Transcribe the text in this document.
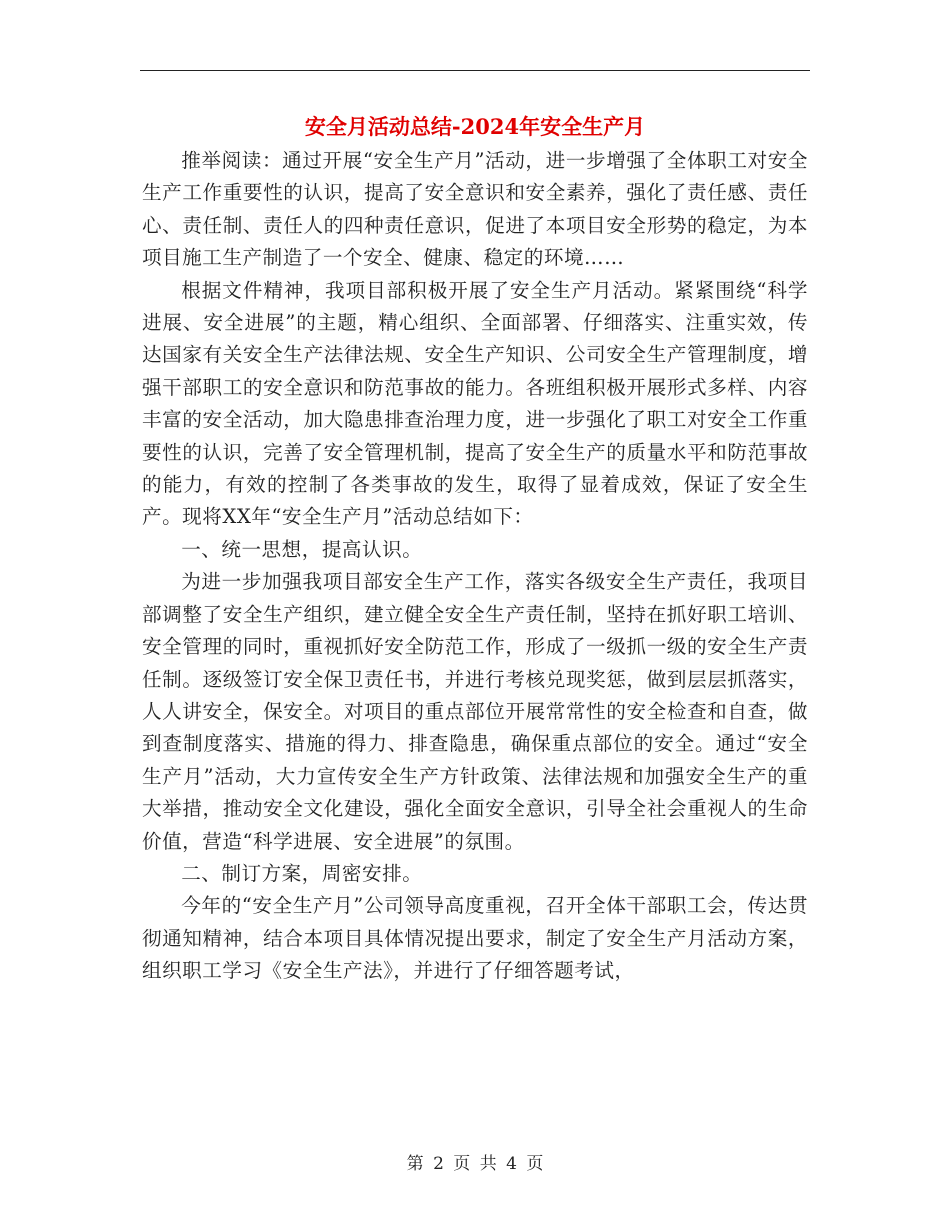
安全月活动总结-2024年安全生产月

推举阅读：通过开展“安全生产月”活动，进一步增强了全体职工对安全生产工作重要性的认识，提高了安全意识和安全素养，强化了责任感、责任心、责任制、责任人的四种责任意识，促进了本项目安全形势的稳定，为本项目施工生产制造了一个安全、健康、稳定的环境……

根据文件精神，我项目部积极开展了安全生产月活动。紧紧围绕“科学进展、安全进展”的主题，精心组织、全面部署、仔细落实、注重实效，传达国家有关安全生产法律法规、安全生产知识、公司安全生产管理制度，增强干部职工的安全意识和防范事故的能力。各班组积极开展形式多样、内容丰富的安全活动，加大隐患排查治理力度，进一步强化了职工对安全工作重要性的认识，完善了安全管理机制，提高了安全生产的质量水平和防范事故的能力，有效的控制了各类事故的发生，取得了显着成效，保证了安全生产。现将XX年“安全生产月”活动总结如下：

一、统一思想，提高认识。

为进一步加强我项目部安全生产工作，落实各级安全生产责任，我项目部调整了安全生产组织，建立健全安全生产责任制，坚持在抓好职工培训、安全管理的同时，重视抓好安全防范工作，形成了一级抓一级的安全生产责任制。逐级签订安全保卫责任书，并进行考核兑现奖惩，做到层层抓落实，人人讲安全，保安全。对项目的重点部位开展常常性的安全检查和自查，做到查制度落实、措施的得力、排查隐患，确保重点部位的安全。通过“安全生产月”活动，大力宣传安全生产方针政策、法律法规和加强安全生产的重大举措，推动安全文化建设，强化全面安全意识，引导全社会重视人的生命价值，营造“科学进展、安全进展”的氛围。

二、制订方案，周密安排。

今年的“安全生产月”公司领导高度重视，召开全体干部职工会，传达贯彻通知精神，结合本项目具体情况提出要求，制定了安全生产月活动方案，组织职工学习《安全生产法》，并进行了仔细答题考试，

第 2 页 共 4 页
